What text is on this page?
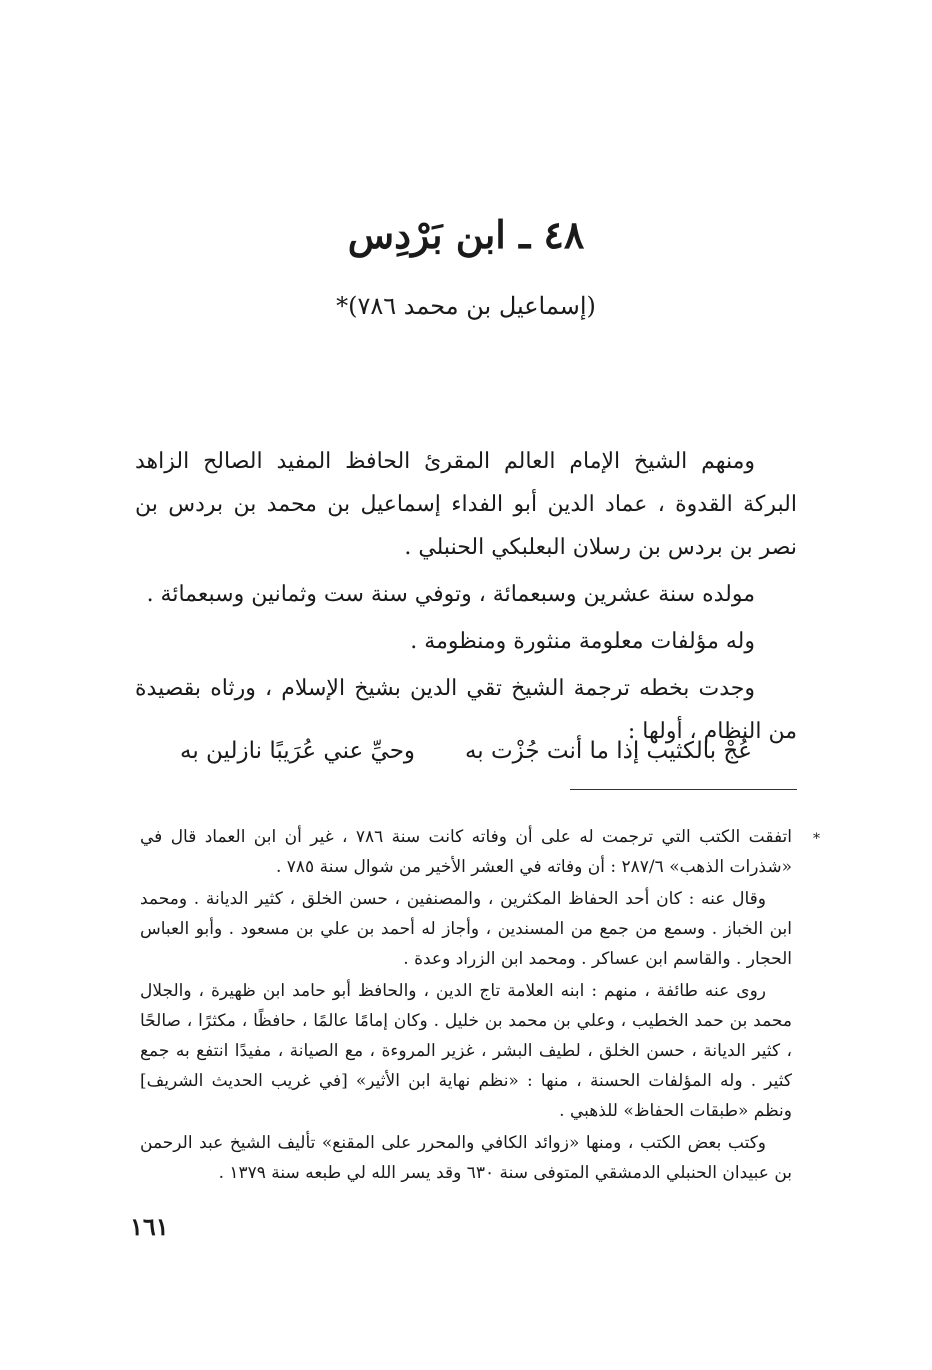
٤٨ ـ ابن بَرْدِس
(إسماعيل بن محمد ٧٨٦)*

ومنهم الشيخ الإمام العالم المقرئ الحافظ المفيد الصالح الزاهد البركة القدوة ، عماد الدين أبو الفداء إسماعيل بن محمد بن بردس بن نصر بن بردس بن رسلان البعلبكي الحنبلي .

مولده سنة عشرين وسبعمائة ، وتوفي سنة ست وثمانين وسبعمائة .

وله مؤلفات معلومة منثورة ومنظومة .

وجدت بخطه ترجمة الشيخ تقي الدين بشيخ الإسلام ، ورثاه بقصيدة من النظام ، أولها :

عُجْ بالكثيب إذا ما أنت جُزْت به
وحيِّ عني عُرَيبًا نازلين به

*
اتفقت الكتب التي ترجمت له على أن وفاته كانت سنة ٧٨٦ ، غير أن ابن العماد قال في «شذرات الذهب» ٢٨٧/٦ : أن وفاته في العشر الأخير من شوال سنة ٧٨٥ .

وقال عنه : كان أحد الحفاظ المكثرين ، والمصنفين ، حسن الخلق ، كثير الديانة . ومحمد ابن الخباز . وسمع من جمع من المسندين ، وأجاز له أحمد بن علي بن مسعود . وأبو العباس الحجار . والقاسم ابن عساكر . ومحمد ابن الزراد وعدة .

روى عنه طائفة ، منهم : ابنه العلامة تاج الدين ، والحافظ أبو حامد ابن ظهيرة ، والجلال محمد بن حمد الخطيب ، وعلي بن محمد بن خليل . وكان إمامًا عالمًا ، حافظًا ، مكثرًا ، صالحًا ، كثير الديانة ، حسن الخلق ، لطيف البشر ، غزير المروءة ، مع الصيانة ، مفيدًا انتفع به جمع كثير . وله المؤلفات الحسنة ، منها : «نظم نهاية ابن الأثير» [في غريب الحديث الشريف] ونظم «طبقات الحفاظ» للذهبي .

وكتب بعض الكتب ، ومنها «زوائد الكافي والمحرر على المقنع» تأليف الشيخ عبد الرحمن بن عبيدان الحنبلي الدمشقي المتوفى سنة ٦٣٠ وقد يسر الله لي طبعه سنة ١٣٧٩ .

١٦١
